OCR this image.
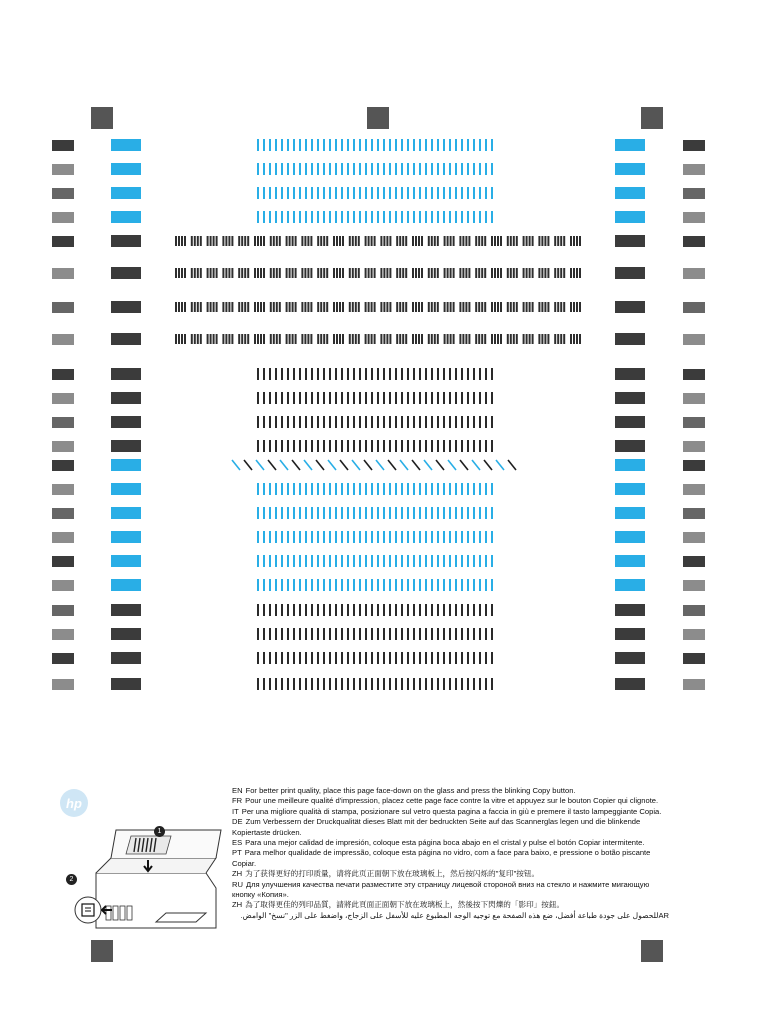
hp
1
2

EN For better print quality, place this page face-down on the glass and press the blinking Copy button.

FR Pour une meilleure qualité d'impression, placez cette page face contre la vitre et appuyez sur le bouton Copier qui clignote.

IT Per una migliore qualità di stampa, posizionare sul vetro questa pagina a faccia in giù e premere il tasto lampeggiante Copia.

DE Zum Verbessern der Druckqualität dieses Blatt mit der bedruckten Seite auf das Scannerglas legen und die blinkende Kopiertaste drücken.

ES Para una mejor calidad de impresión, coloque esta página boca abajo en el cristal y pulse el botón Copiar intermitente.

PT Para melhor qualidade de impressão, coloque esta página no vidro, com a face para baixo, e pressione o botão piscante Copiar.

ZH 为了获得更好的打印质量，请将此页正面朝下放在玻璃板上，然后按闪烁的"复印"按钮。

RU Для улучшения качества печати разместите эту страницу лицевой стороной вниз на стекло и нажмите мигающую кнопку «Копия».

ZH 為了取得更佳的列印品質，請將此頁面正面朝下放在玻璃板上，然後按下閃爍的「影印」按鈕。

ARللحصول على جودة طباعة أفضل، ضع هذه الصفحة مع توجيه الوجه المطبوع عليه للأسفل على الزجاج، واضغط على الزر "نسخ" الوامض.
